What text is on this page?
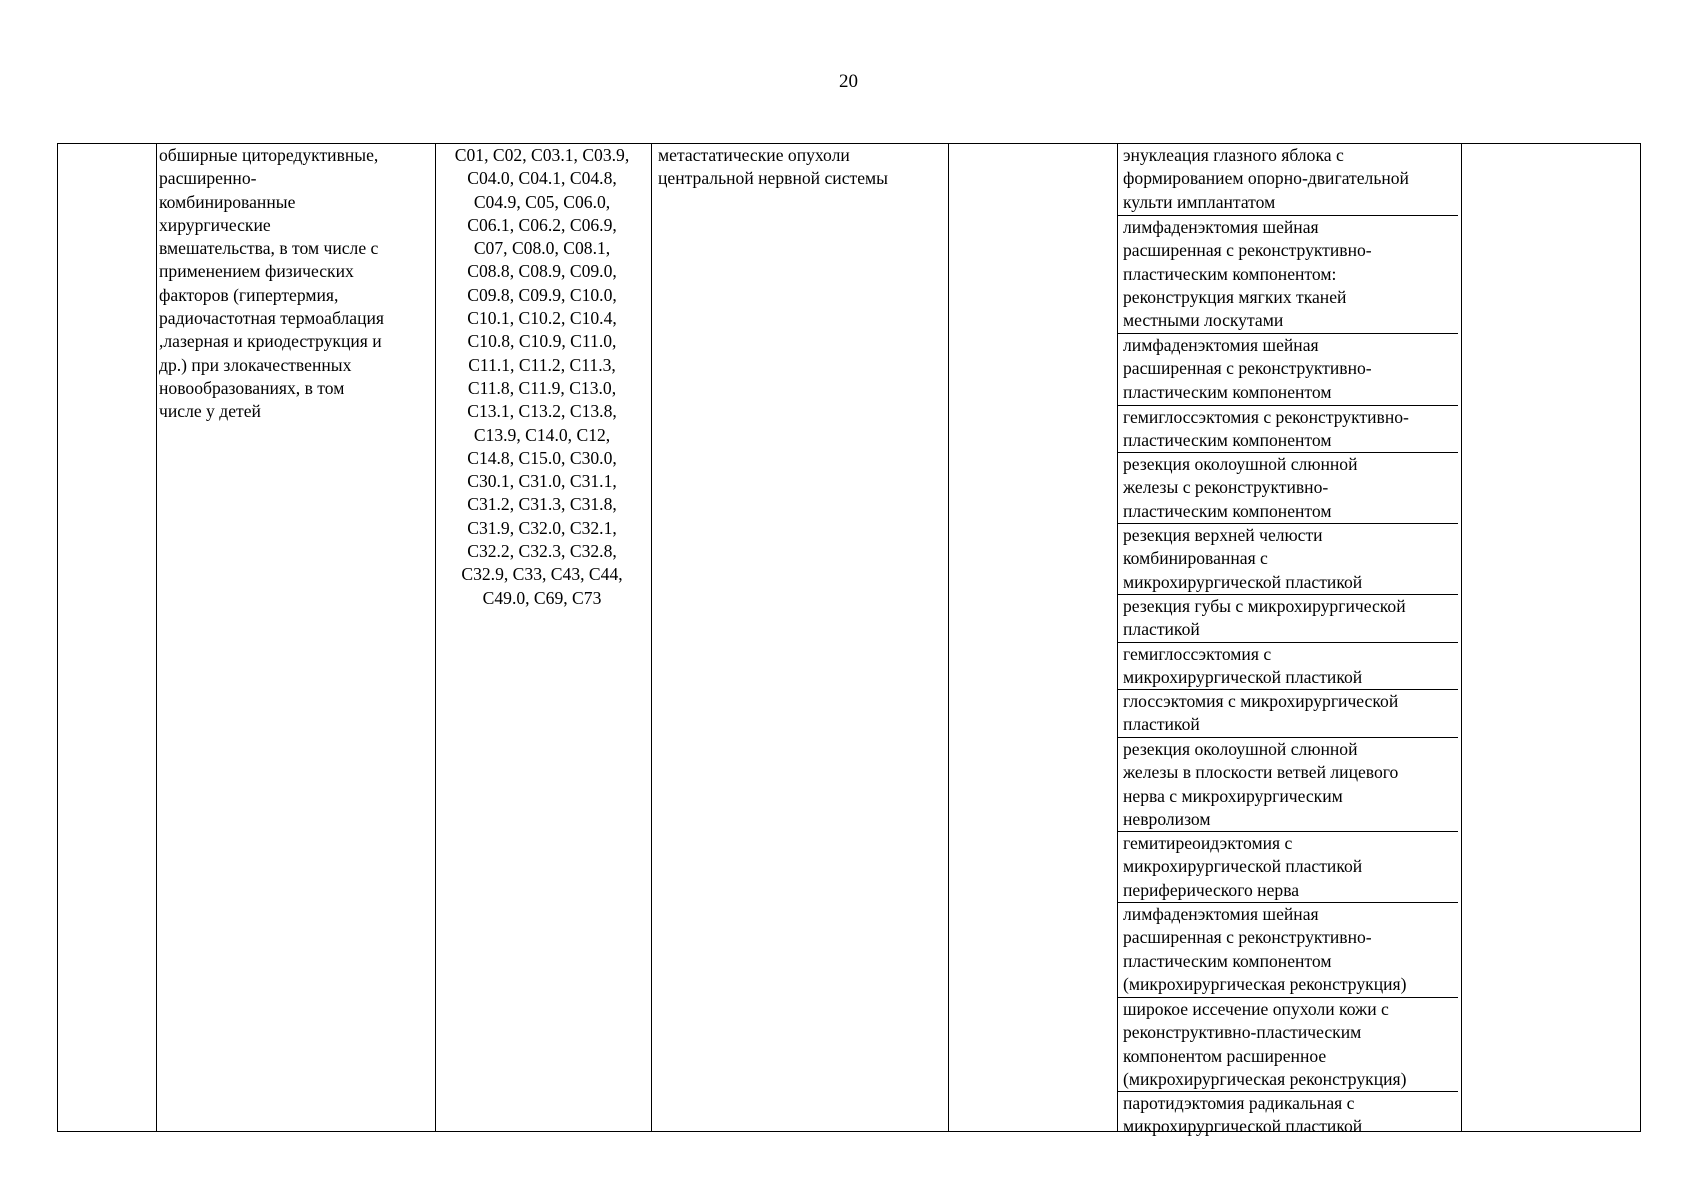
20
обширные циторедуктивные,
расширенно-
комбинированные
хирургические
вмешательства, в том числе с
применением физических
факторов (гипертермия,
радиочастотная термоаблация
,лазерная и криодеструкция и
др.) при злокачественных
новообразованиях, в том
числе у детей
C01, C02, C03.1, C03.9,
C04.0, C04.1, C04.8,
C04.9, C05, C06.0,
C06.1, C06.2, C06.9,
C07, C08.0, C08.1,
C08.8, C08.9, C09.0,
C09.8, C09.9, C10.0,
C10.1, C10.2, C10.4,
C10.8, C10.9, C11.0,
C11.1, C11.2, C11.3,
C11.8, C11.9, C13.0,
C13.1, C13.2, C13.8,
C13.9, C14.0, C12,
C14.8, C15.0, C30.0,
C30.1, C31.0, C31.1,
C31.2, C31.3, C31.8,
C31.9, C32.0, C32.1,
C32.2, C32.3, C32.8,
C32.9, C33, C43, C44,
C49.0, C69, C73
метастатические опухоли
центральной нервной системы
энуклеация глазного яблока с
формированием опорно-двигательной
культи имплантатом
лимфаденэктомия шейная
расширенная с реконструктивно-
пластическим компонентом:
реконструкция мягких тканей
местными лоскутами
лимфаденэктомия шейная
расширенная с реконструктивно-
пластическим компонентом
гемиглоссэктомия с реконструктивно-
пластическим компонентом
резекция околоушной слюнной
железы с реконструктивно-
пластическим компонентом
резекция верхней челюсти
комбинированная с
микрохирургической пластикой
резекция губы с микрохирургической
пластикой
гемиглоссэктомия с
микрохирургической пластикой
глоссэктомия с микрохирургической
пластикой
резекция околоушной слюнной
железы в плоскости ветвей лицевого
нерва с микрохирургическим
невролизом
гемитиреоидэктомия с
микрохирургической пластикой
периферического нерва
лимфаденэктомия шейная
расширенная с реконструктивно-
пластическим компонентом
(микрохирургическая реконструкция)
широкое иссечение опухоли кожи с
реконструктивно-пластическим
компонентом расширенное
(микрохирургическая реконструкция)
паротидэктомия радикальная с
микрохирургической пластикой
